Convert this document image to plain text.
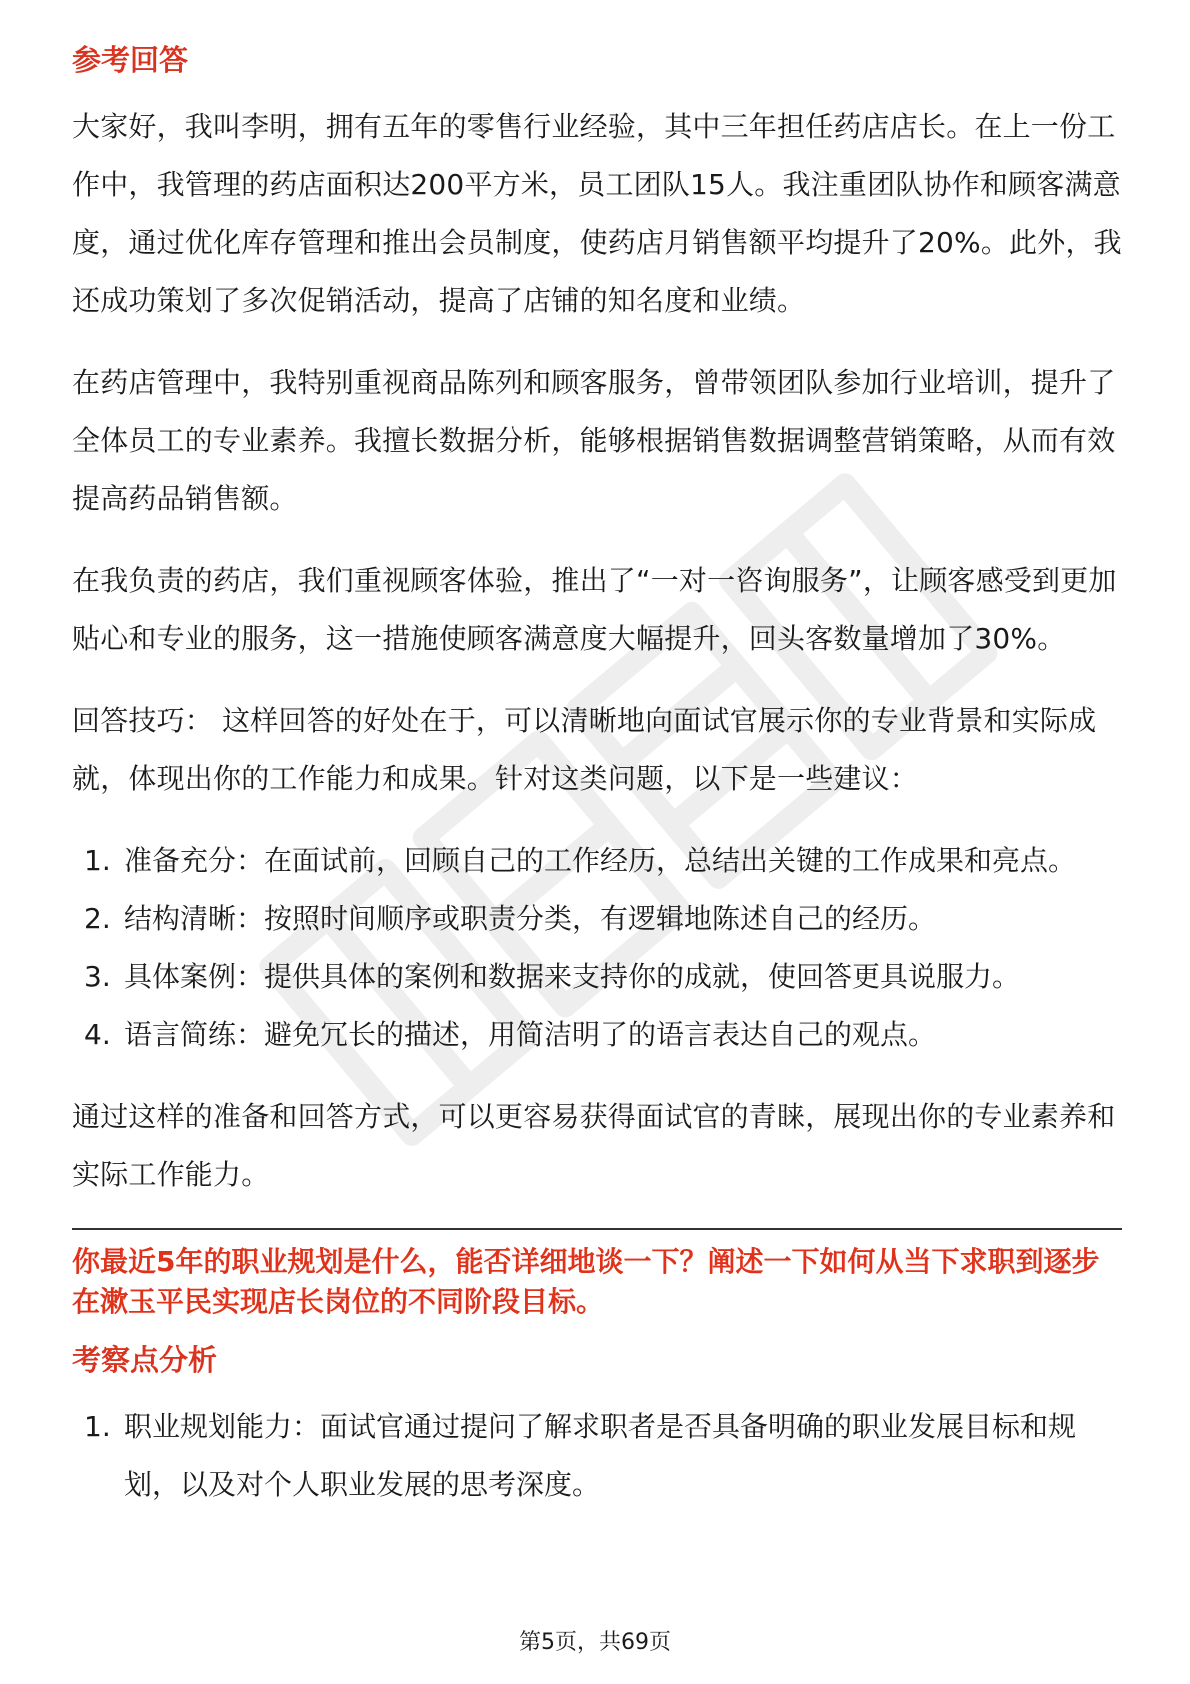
参考回答

大家好，我叫李明，拥有五年的零售行业经验，其中三年担任药店店长。在上一份工作中，我管理的药店面积达200平方米，员工团队15人。我注重团队协作和顾客满意度，通过优化库存管理和推出会员制度，使药店月销售额平均提升了20%。此外，我还成功策划了多次促销活动，提高了店铺的知名度和业绩。

在药店管理中，我特别重视商品陈列和顾客服务，曾带领团队参加行业培训，提升了全体员工的专业素养。我擅长数据分析，能够根据销售数据调整营销策略，从而有效提高药品销售额。

在我负责的药店，我们重视顾客体验，推出了“一对一咨询服务”，让顾客感受到更加贴心和专业的服务，这一措施使顾客满意度大幅提升，回头客数量增加了30%。

回答技巧： 这样回答的好处在于，可以清晰地向面试官展示你的专业背景和实际成就，体现出你的工作能力和成果。针对这类问题，以下是一些建议：

1. 准备充分：在面试前，回顾自己的工作经历，总结出关键的工作成果和亮点。
2. 结构清晰：按照时间顺序或职责分类，有逻辑地陈述自己的经历。
3. 具体案例：提供具体的案例和数据来支持你的成就，使回答更具说服力。
4. 语言简练：避免冗长的描述，用简洁明了的语言表达自己的观点。

通过这样的准备和回答方式，可以更容易获得面试官的青睐，展现出你的专业素养和实际工作能力。

你最近5年的职业规划是什么，能否详细地谈一下？阐述一下如何从当下求职到逐步在漱玉平民实现店长岗位的不同阶段目标。
考察点分析
1. 职业规划能力：面试官通过提问了解求职者是否具备明确的职业发展目标和规划，以及对个人职业发展的思考深度。
第5页，共69页
